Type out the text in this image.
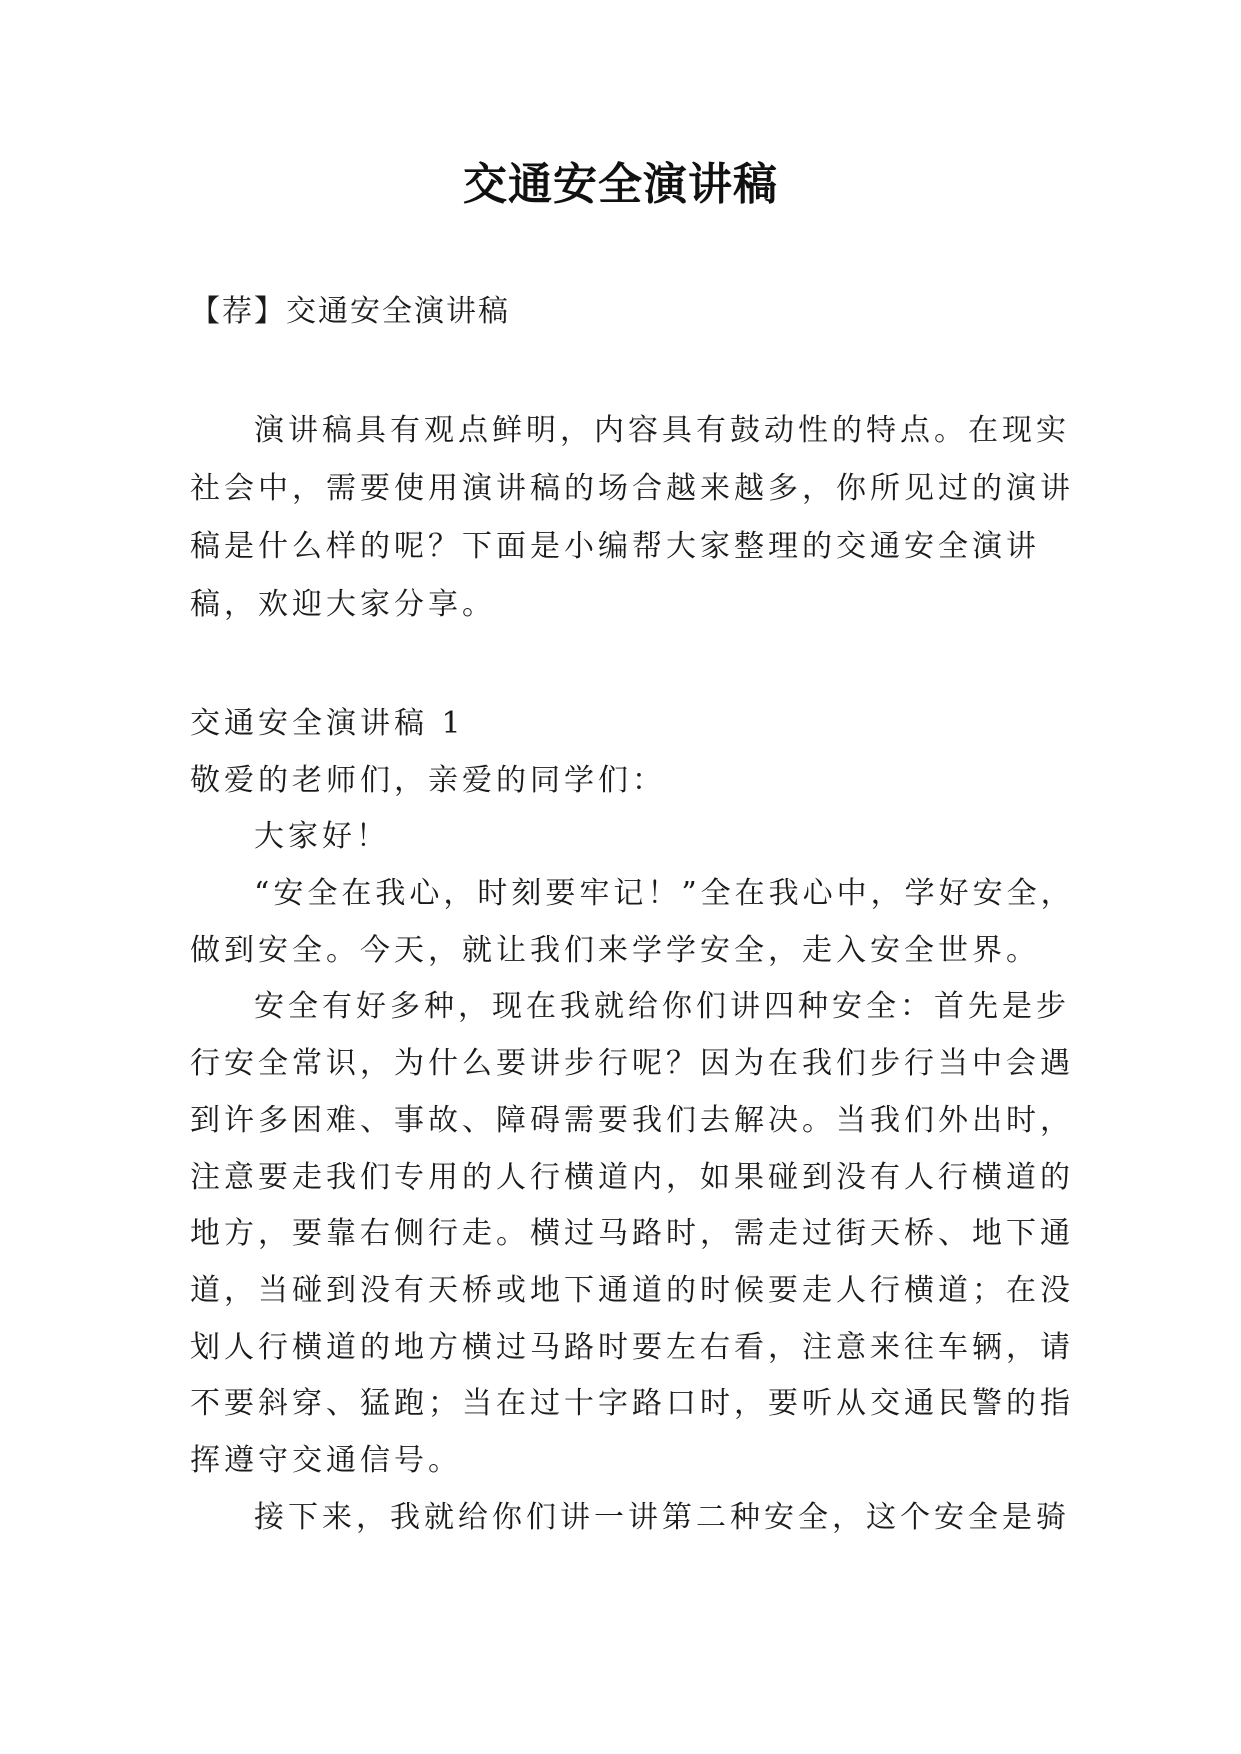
交通安全演讲稿
【荐】交通安全演讲稿
演讲稿具有观点鲜明，内容具有鼓动性的特点。在现实
社会中，需要使用演讲稿的场合越来越多，你所见过的演讲
稿是什么样的呢？下面是小编帮大家整理的交通安全演讲
稿，欢迎大家分享。
交通安全演讲稿 1
敬爱的老师们，亲爱的同学们：
大家好！
“安全在我心，时刻要牢记！”全在我心中，学好安全，
做到安全。今天，就让我们来学学安全，走入安全世界。
安全有好多种，现在我就给你们讲四种安全：首先是步
行安全常识，为什么要讲步行呢？因为在我们步行当中会遇
到许多困难、事故、障碍需要我们去解决。当我们外出时，
注意要走我们专用的人行横道内，如果碰到没有人行横道的
地方，要靠右侧行走。横过马路时，需走过街天桥、地下通
道，当碰到没有天桥或地下通道的时候要走人行横道；在没
划人行横道的地方横过马路时要左右看，注意来往车辆，请
不要斜穿、猛跑；当在过十字路口时，要听从交通民警的指
挥遵守交通信号。
接下来，我就给你们讲一讲第二种安全，这个安全是骑
